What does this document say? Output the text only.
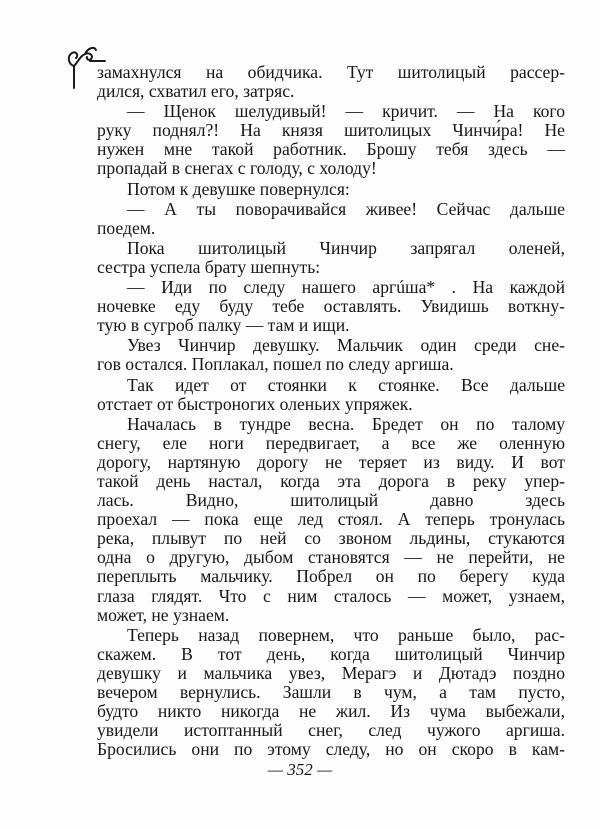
замахнулся на обидчика. Тут шитолицый рассер-
дился, схватил его, затряс.
— Щенок шелудивый! — кричит. — На кого
руку поднял?! На князя шитолицых Чинчи́ра! Не
нужен мне такой работник. Брошу тебя здесь —
пропадай в снегах с голоду, с холоду!
Потом к девушке повернулся:
— А ты поворачивайся живее! Сейчас дальше
поедем.
Пока шитолицый Чинчир запрягал оленей,
сестра успела брату шепнуть:
— Иди по следу нашего аргúша* . На каждой
ночевке еду буду тебе оставлять. Увидишь воткну-
тую в сугроб палку — там и ищи.
Увез Чинчир девушку. Мальчик один среди сне-
гов остался. Поплакал, пошел по следу аргиша.
Так идет от стоянки к стоянке. Все дальше
отстает от быстроногих оленьих упряжек.
Началась в тундре весна. Бредет он по талому
снегу, еле ноги передвигает, а все же оленную
дорогу, нартяную дорогу не теряет из виду. И вот
такой день настал, когда эта дорога в реку упер-
лась. Видно, шитолицый давно здесь
проехал — пока еще лед стоял. А теперь тронулась
река, плывут по ней со звоном льдины, стукаются
одна о другую, дыбом становятся — не перейти, не
переплыть мальчику. Побрел он по берегу куда
глаза глядят. Что с ним сталось — может, узнаем,
может, не узнаем.
Теперь назад повернем, что раньше было, рас-
скажем. В тот день, когда шитолицый Чинчир
девушку и мальчика увез, Мерагэ и Дютадэ поздно
вечером вернулись. Зашли в чум, а там пусто,
будто никто никогда не жил. Из чума выбежали,
увидели истоптанный снег, след чужого аргиша.
Бросились они по этому следу, но он скоро в кам-
— 352 —
